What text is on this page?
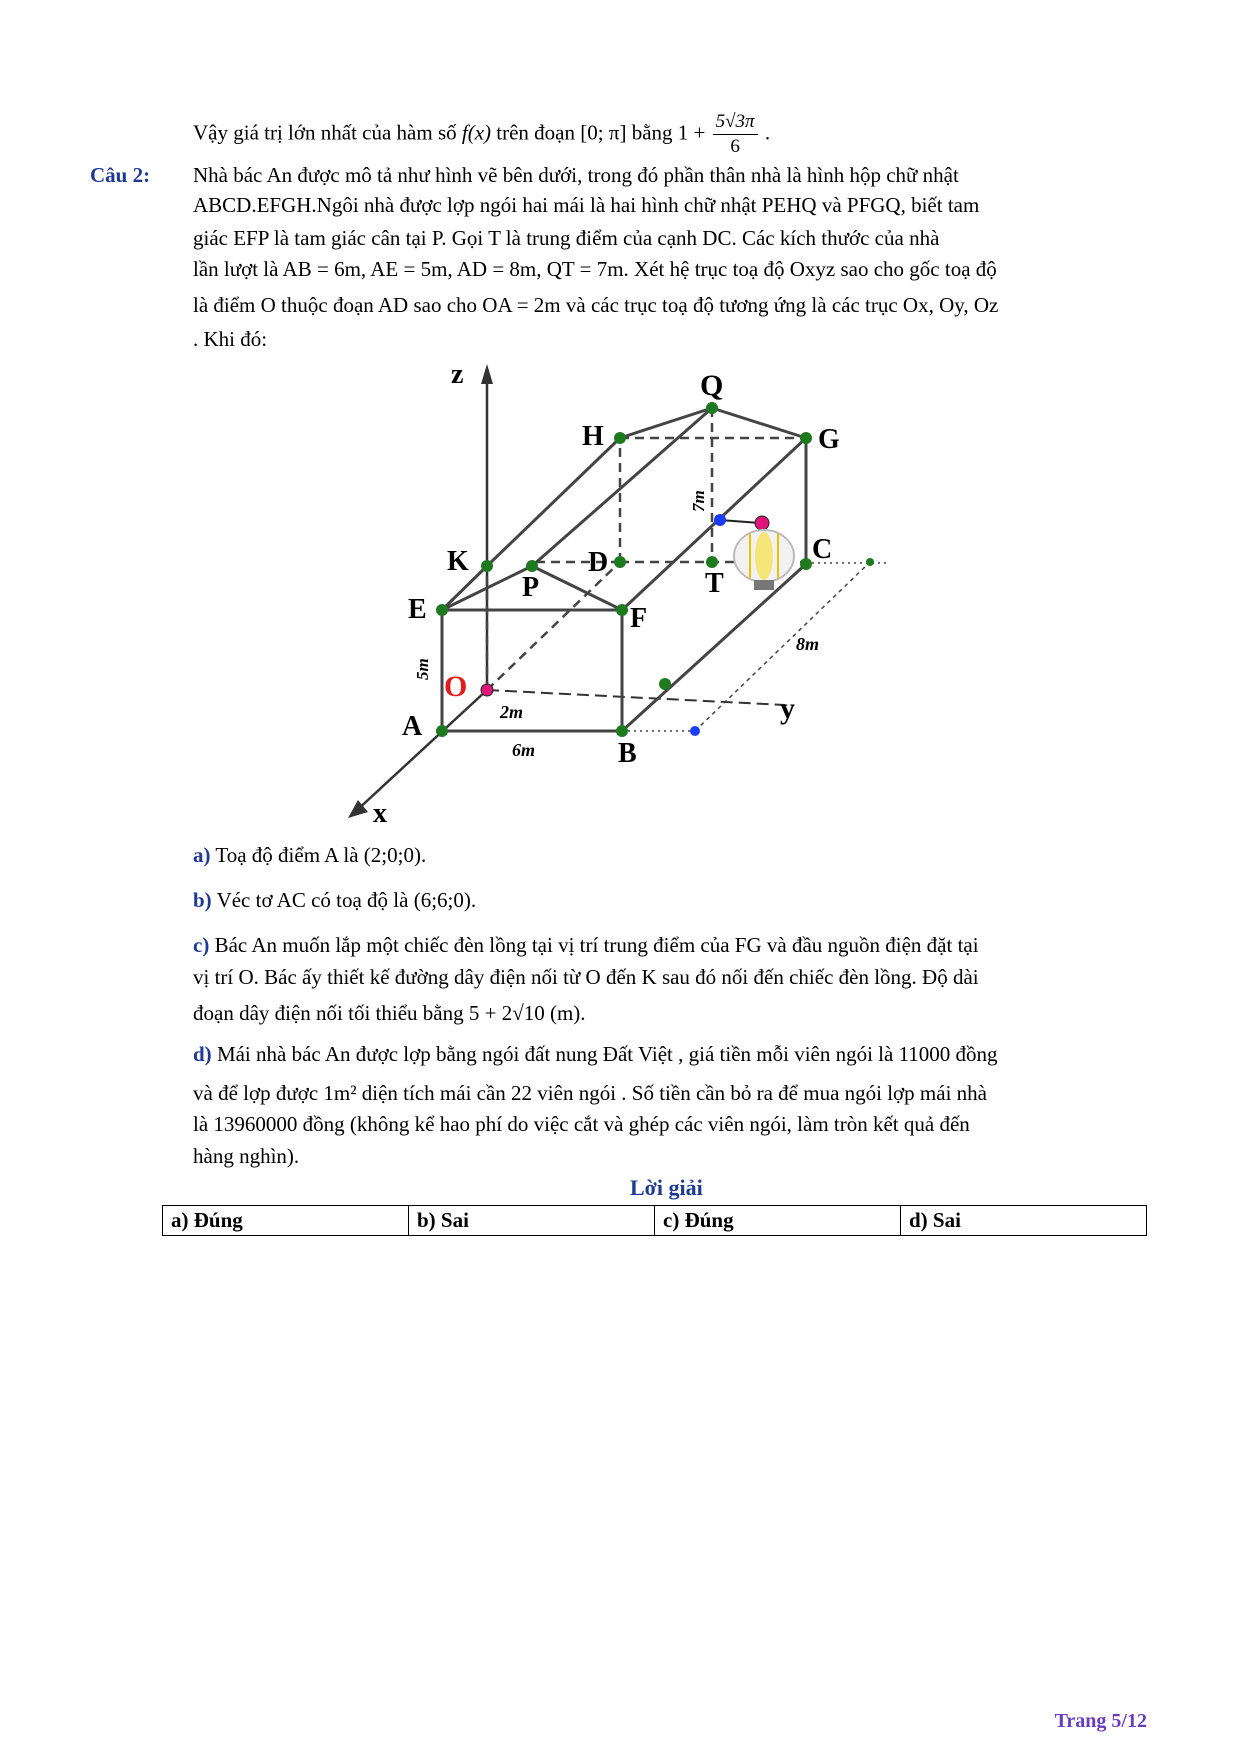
Vậy giá trị lớn nhất của hàm số f(x) trên đoạn [0; π] bằng $1 + \frac{5√3\pi}{6}$ .
Câu 2: Nhà bác An được mô tả như hình vẽ bên dưới, trong đó phần thân nhà là hình hộp chữ nhật
ABCD.EFGH.Ngôi nhà được lợp ngói hai mái là hai hình chữ nhật PEHQ và PFGQ, biết tam
giác EFP là tam giác cân tại P. Gọi T là trung điểm của cạnh DC. Các kích thước của nhà
lần lượt là AB = 6m, AE = 5m, AD = 8m, QT = 7m. Xét hệ trục toạ độ Oxyz sao cho gốc toạ độ
là điểm O thuộc đoạn AD sao cho OA = 2m và các trục toạ độ tương ứng là các trục Ox, Oy, Oz
. Khi đó:
Q
H	G
K	D	C
T
P
E	F
O
A
B
z
y
x
7m
5m
2m
6m
8m
a) Toạ độ điểm A là (2;0;0).
b) Véc tơ AC có toạ độ là (6;6;0).
c) Bác An muốn lắp một chiếc đèn lồng tại vị trí trung điểm của FG và đầu nguồn điện đặt tại
vị trí O. Bác ấy thiết kế đường dây điện nối từ O đến K sau đó nối đến chiếc đèn lồng. Độ dài
đoạn dây điện nối tối thiểu bằng 5 + 2√10 (m).
d) Mái nhà bác An được lợp bằng ngói đất nung Đất Việt , giá tiền mỗi viên ngói là 11000 đồng
và để lợp được 1m² diện tích mái cần 22 viên ngói . Số tiền cần bỏ ra để mua ngói lợp mái nhà
là 13960000 đồng (không kể hao phí do việc cắt và ghép các viên ngói, làm tròn kết quả đến
hàng nghìn).
Lời giải
a) Đúng	b) Sai	c) Đúng	d) Sai
Trang 5/12
